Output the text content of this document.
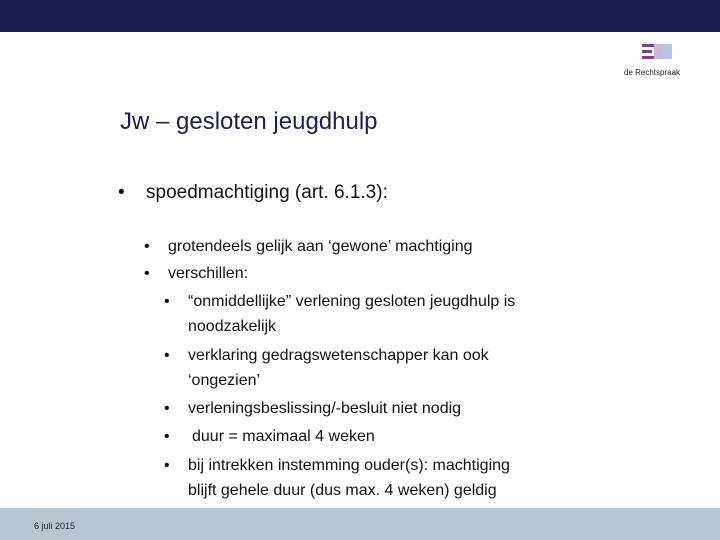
de Rechtspraak
Jw – gesloten jeugdhulp
• spoedmachtiging (art. 6.1.3):
• grotendeels gelijk aan ‘gewone’ machtiging
• verschillen:
• “onmiddellijke” verlening gesloten jeugdhulp is
noodzakelijk
• verklaring gedragswetenschapper kan ook
‘ongezien’
• verleningsbeslissing/-besluit niet nodig
• duur = maximaal 4 weken
• bij intrekken instemming ouder(s): machtiging
blijft gehele duur (dus max. 4 weken) geldig
6 juli 2015
